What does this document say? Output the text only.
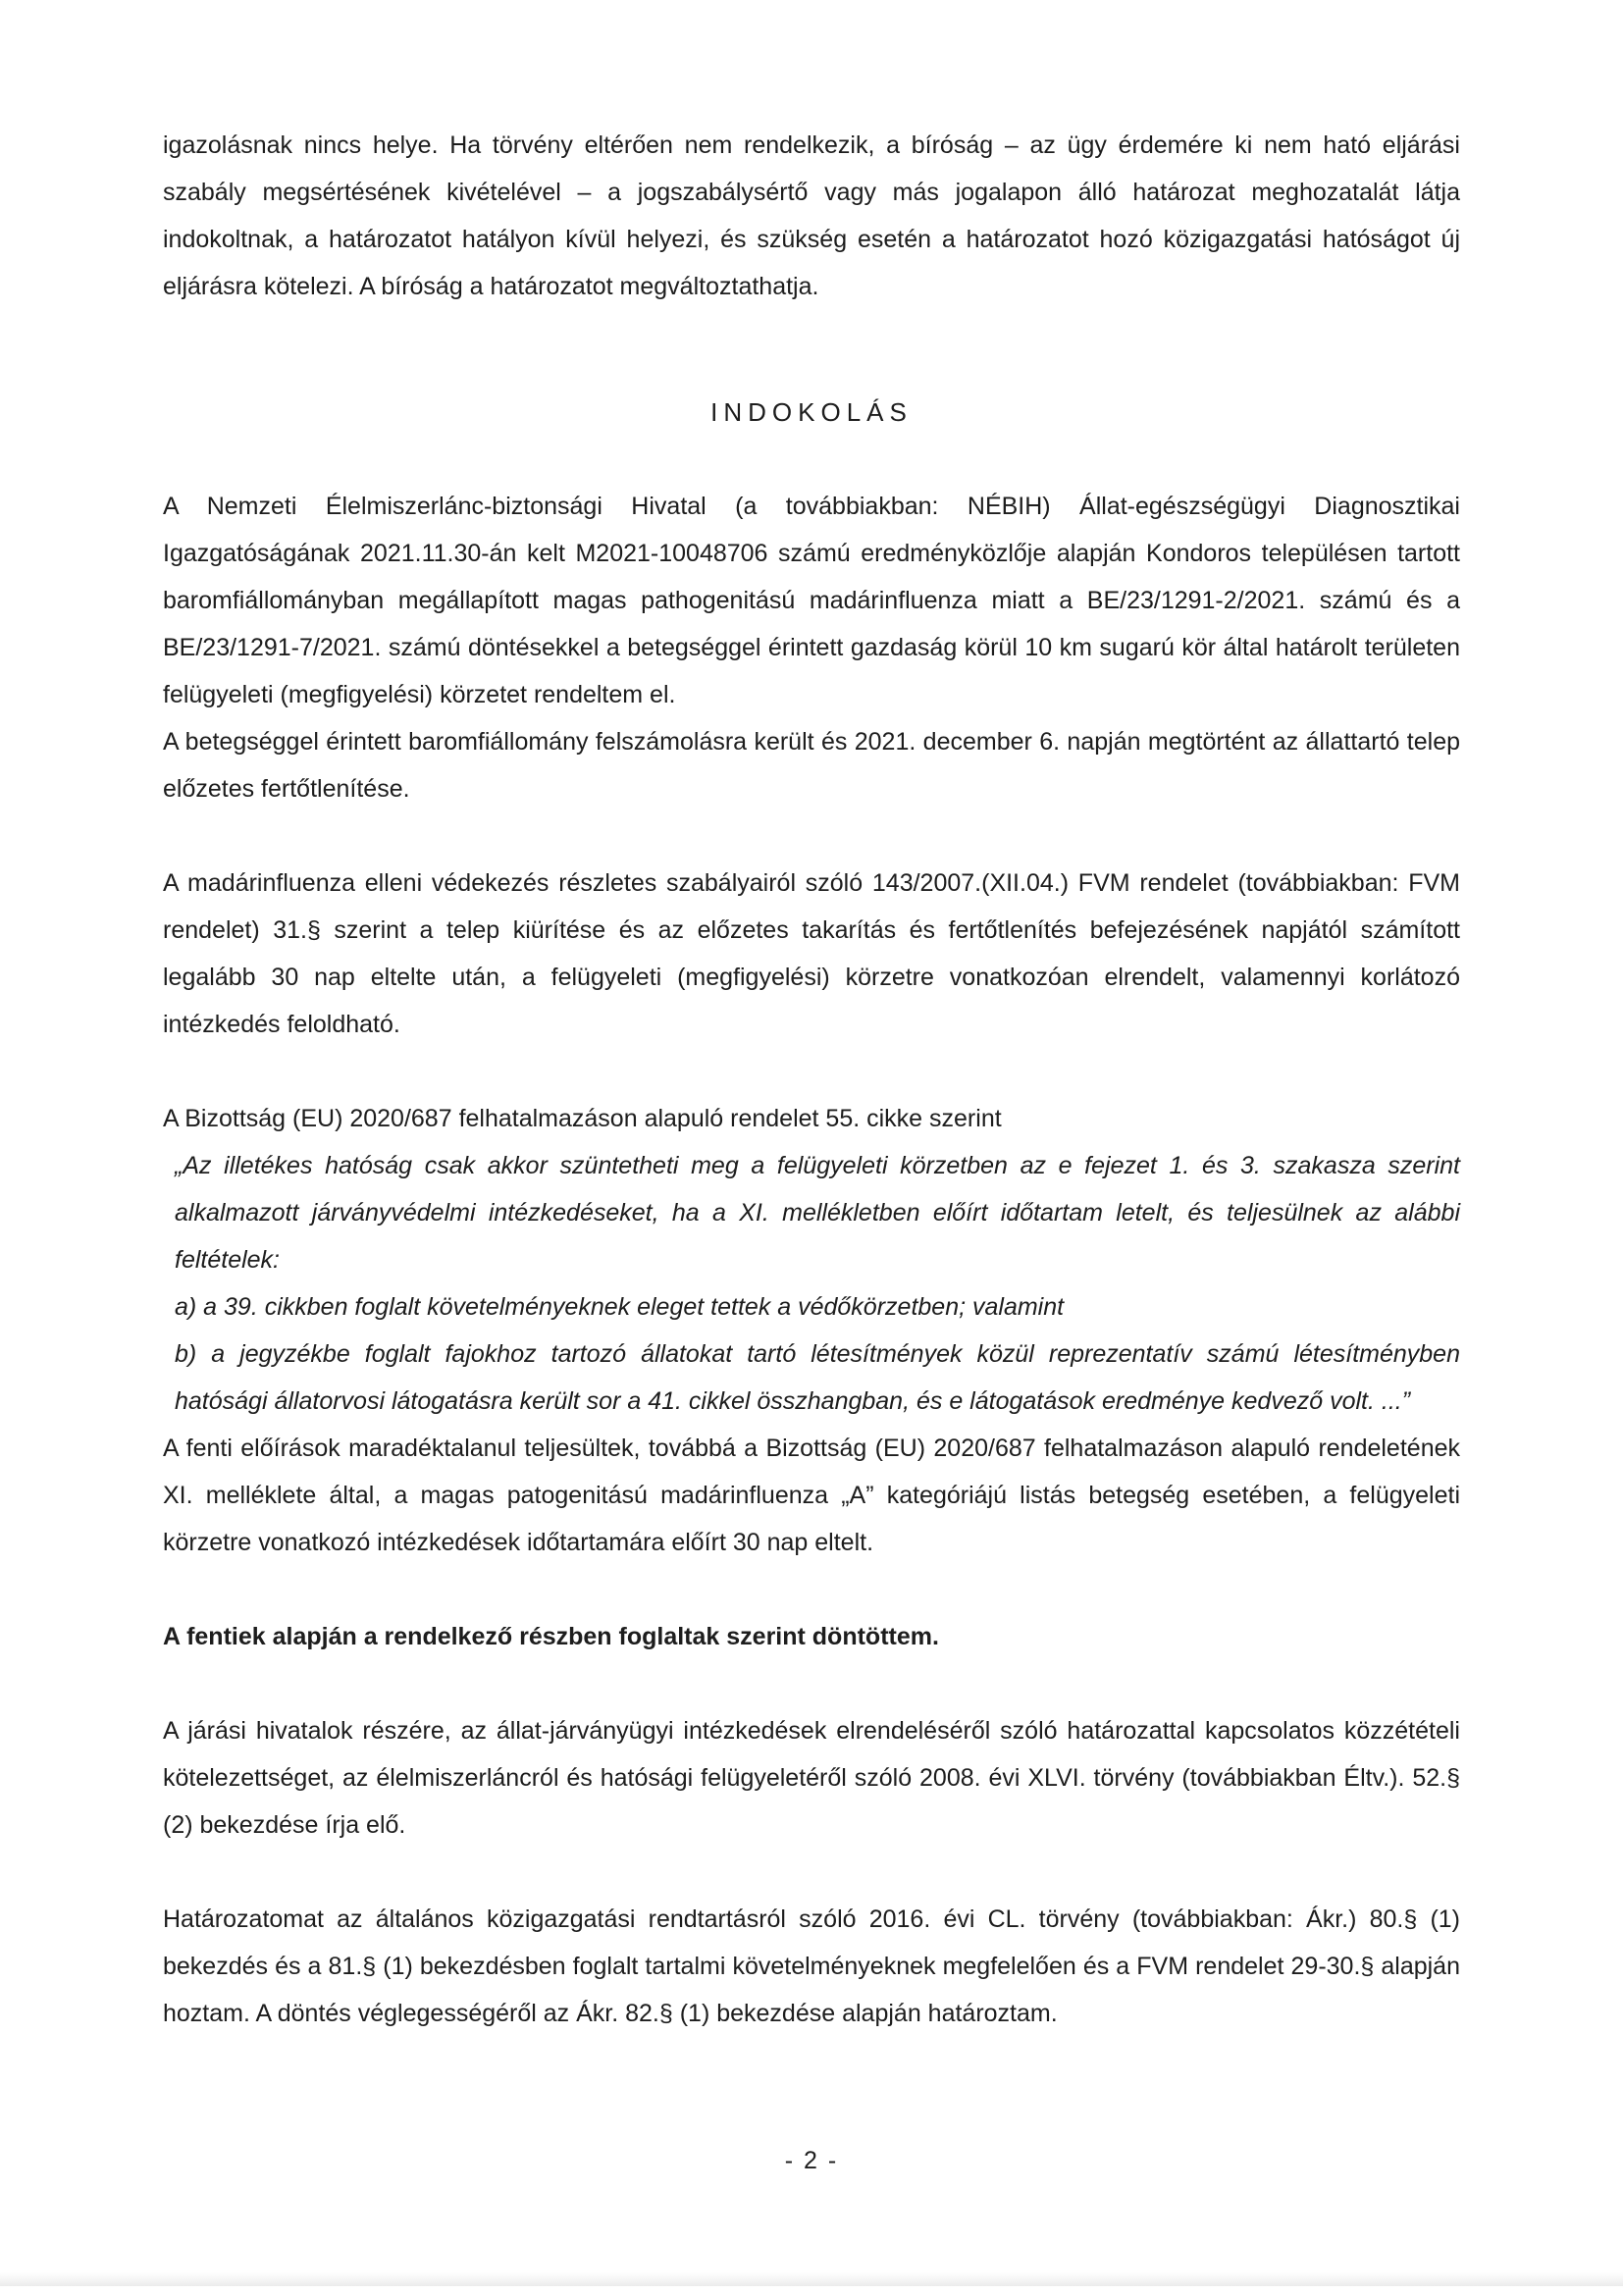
igazolásnak nincs helye. Ha törvény eltérően nem rendelkezik, a bíróság – az ügy érdemére ki nem ható eljárási szabály megsértésének kivételével – a jogszabálysértő vagy más jogalapon álló határozat meghozatalát látja indokoltnak, a határozatot hatályon kívül helyezi, és szükség esetén a határozatot hozó közigazgatási hatóságot új eljárásra kötelezi. A bíróság a határozatot megváltoztathatja.

INDOKOLÁS

A Nemzeti Élelmiszerlánc-biztonsági Hivatal (a továbbiakban: NÉBIH) Állat-egészségügyi Diagnosztikai Igazgatóságának 2021.11.30-án kelt M2021-10048706 számú eredményközlője alapján Kondoros településen tartott baromfiállományban megállapított magas pathogenitású madárinfluenza miatt a BE/23/1291-2/2021. számú és a BE/23/1291-7/2021. számú döntésekkel a betegséggel érintett gazdaság körül 10 km sugarú kör által határolt területen felügyeleti (megfigyelési) körzetet rendeltem el.

A betegséggel érintett baromfiállomány felszámolásra került és 2021. december 6. napján megtörtént az állattartó telep előzetes fertőtlenítése.

A madárinfluenza elleni védekezés részletes szabályairól szóló 143/2007.(XII.04.) FVM rendelet (továbbiakban: FVM rendelet) 31.§ szerint a telep kiürítése és az előzetes takarítás és fertőtlenítés befejezésének napjától számított legalább 30 nap eltelte után, a felügyeleti (megfigyelési) körzetre vonatkozóan elrendelt, valamennyi korlátozó intézkedés feloldható.

A Bizottság (EU) 2020/687 felhatalmazáson alapuló rendelet 55. cikke szerint

„Az illetékes hatóság csak akkor szüntetheti meg a felügyeleti körzetben az e fejezet 1. és 3. szakasza szerint alkalmazott járványvédelmi intézkedéseket, ha a XI. mellékletben előírt időtartam letelt, és teljesülnek az alábbi feltételek:

a) a 39. cikkben foglalt követelményeknek eleget tettek a védőkörzetben; valamint

b) a jegyzékbe foglalt fajokhoz tartozó állatokat tartó létesítmények közül reprezentatív számú létesítményben hatósági állatorvosi látogatásra került sor a 41. cikkel összhangban, és e látogatások eredménye kedvező volt. ...”

A fenti előírások maradéktalanul teljesültek, továbbá a Bizottság (EU) 2020/687 felhatalmazáson alapuló rendeletének XI. melléklete által, a magas patogenitású madárinfluenza „A” kategóriájú listás betegség esetében, a felügyeleti körzetre vonatkozó intézkedések időtartamára előírt 30 nap eltelt.

A fentiek alapján a rendelkező részben foglaltak szerint döntöttem.

A járási hivatalok részére, az állat-járványügyi intézkedések elrendeléséről szóló határozattal kapcsolatos közzétételi kötelezettséget, az élelmiszerláncról és hatósági felügyeletéről szóló 2008. évi XLVI. törvény (továbbiakban Éltv.). 52.§ (2) bekezdése írja elő.

Határozatomat az általános közigazgatási rendtartásról szóló 2016. évi CL. törvény (továbbiakban: Ákr.) 80.§ (1) bekezdés és a 81.§ (1) bekezdésben foglalt tartalmi követelményeknek megfelelően és a FVM rendelet 29-30.§ alapján hoztam. A döntés véglegességéről az Ákr. 82.§ (1) bekezdése alapján határoztam.

- 2 -
